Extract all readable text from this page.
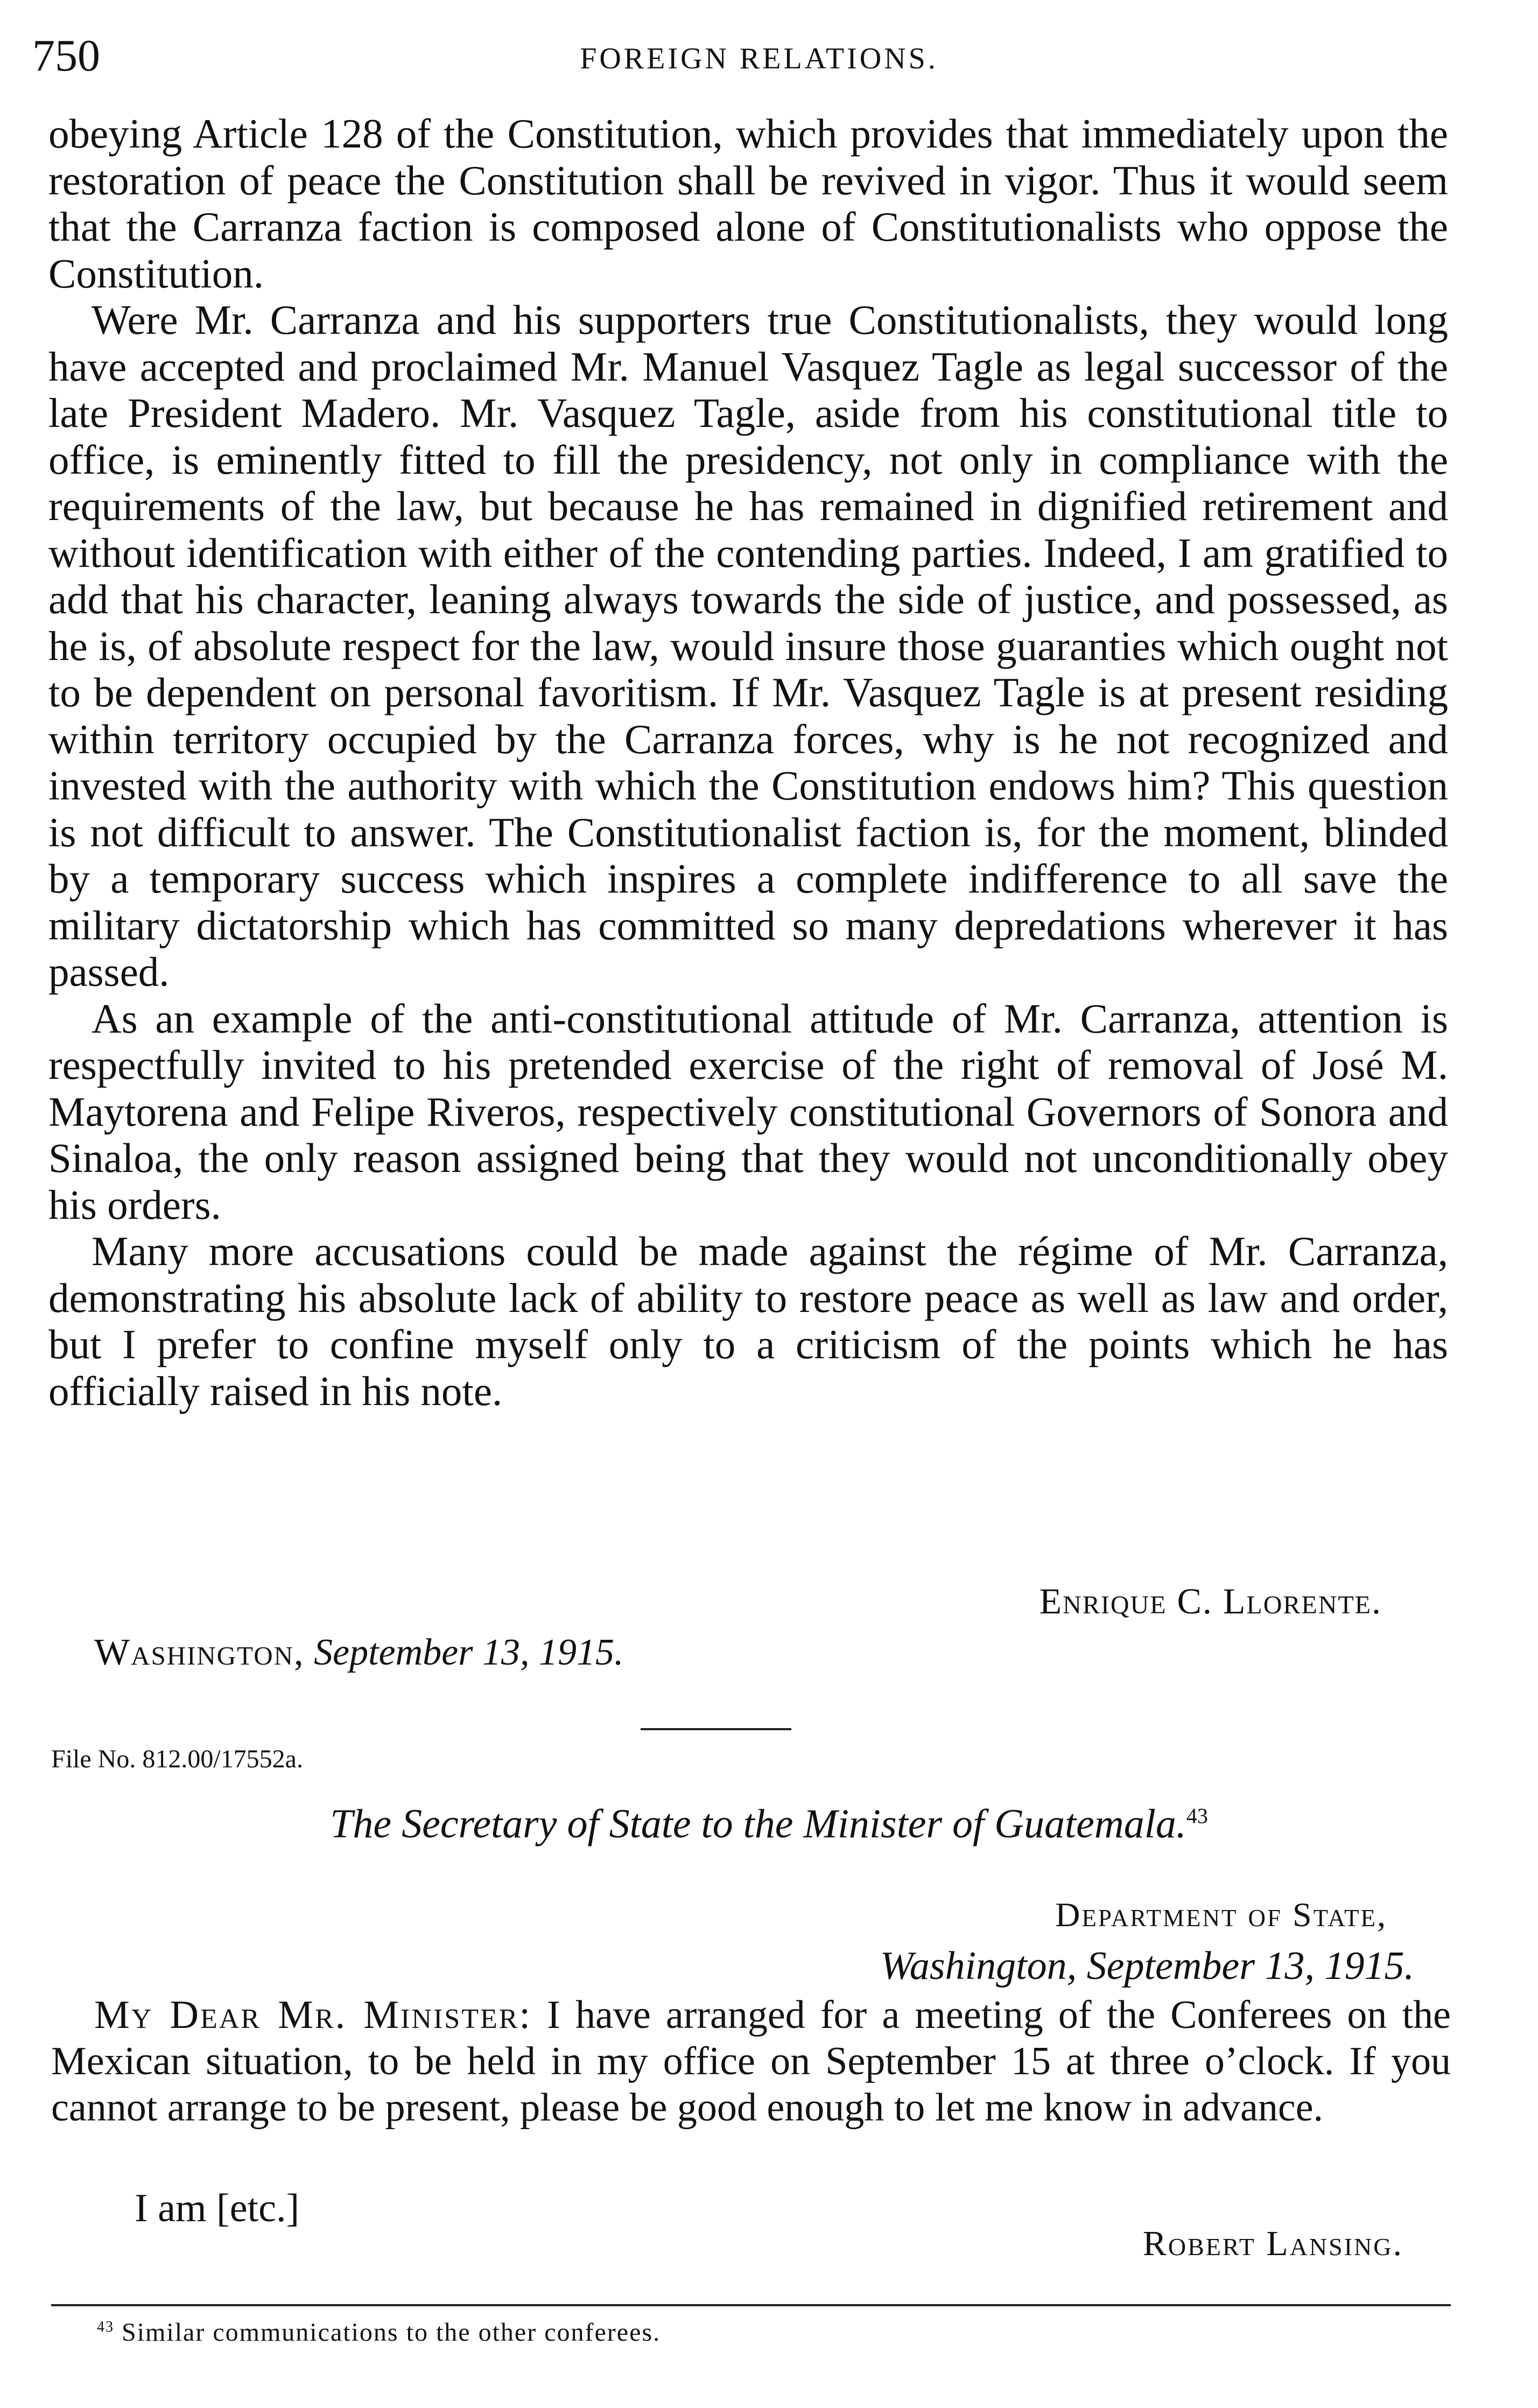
750	FOREIGN RELATIONS.

obeying Article 128 of the Constitution, which provides that immediately upon the restoration of peace the Constitution shall be revived in vigor. Thus it would seem that the Carranza faction is composed alone of Constitutionalists who oppose the Constitution.

Were Mr. Carranza and his supporters true Constitutionalists, they would long have accepted and proclaimed Mr. Manuel Vasquez Tagle as legal successor of the late President Madero. Mr. Vasquez Tagle, aside from his constitutional title to office, is eminently fitted to fill the presidency, not only in compliance with the requirements of the law, but because he has remained in dignified retirement and without identification with either of the contending parties. Indeed, I am gratified to add that his character, leaning always towards the side of justice, and possessed, as he is, of absolute respect for the law, would insure those guaranties which ought not to be dependent on personal favoritism. If Mr. Vasquez Tagle is at present residing within territory occupied by the Carranza forces, why is he not recognized and invested with the authority with which the Constitution endows him? This question is not difficult to answer. The Constitutionalist faction is, for the moment, blinded by a temporary success which inspires a complete indifference to all save the military dictatorship which has committed so many depredations wherever it has passed.

As an example of the anti-constitutional attitude of Mr. Carranza, attention is respectfully invited to his pretended exercise of the right of removal of José M. Maytorena and Felipe Riveros, respectively constitutional Governors of Sonora and Sinaloa, the only reason assigned being that they would not unconditionally obey his orders.

Many more accusations could be made against the régime of Mr. Carranza, demonstrating his absolute lack of ability to restore peace as well as law and order, but I prefer to confine myself only to a criticism of the points which he has officially raised in his note.

Enrique C. Llorente.
Washington, September 13, 1915.
File No. 812.00/17552a.
The Secretary of State to the Minister of Guatemala.$^{43}$
Department of State,
Washington, September 13, 1915.

My Dear Mr. Minister: I have arranged for a meeting of the Conferees on the Mexican situation, to be held in my office on September 15 at three o’clock. If you cannot arrange to be present, please be good enough to let me know in advance.

I am [etc.]
Robert Lansing.
$^{43}$ Similar communications to the other conferees.
